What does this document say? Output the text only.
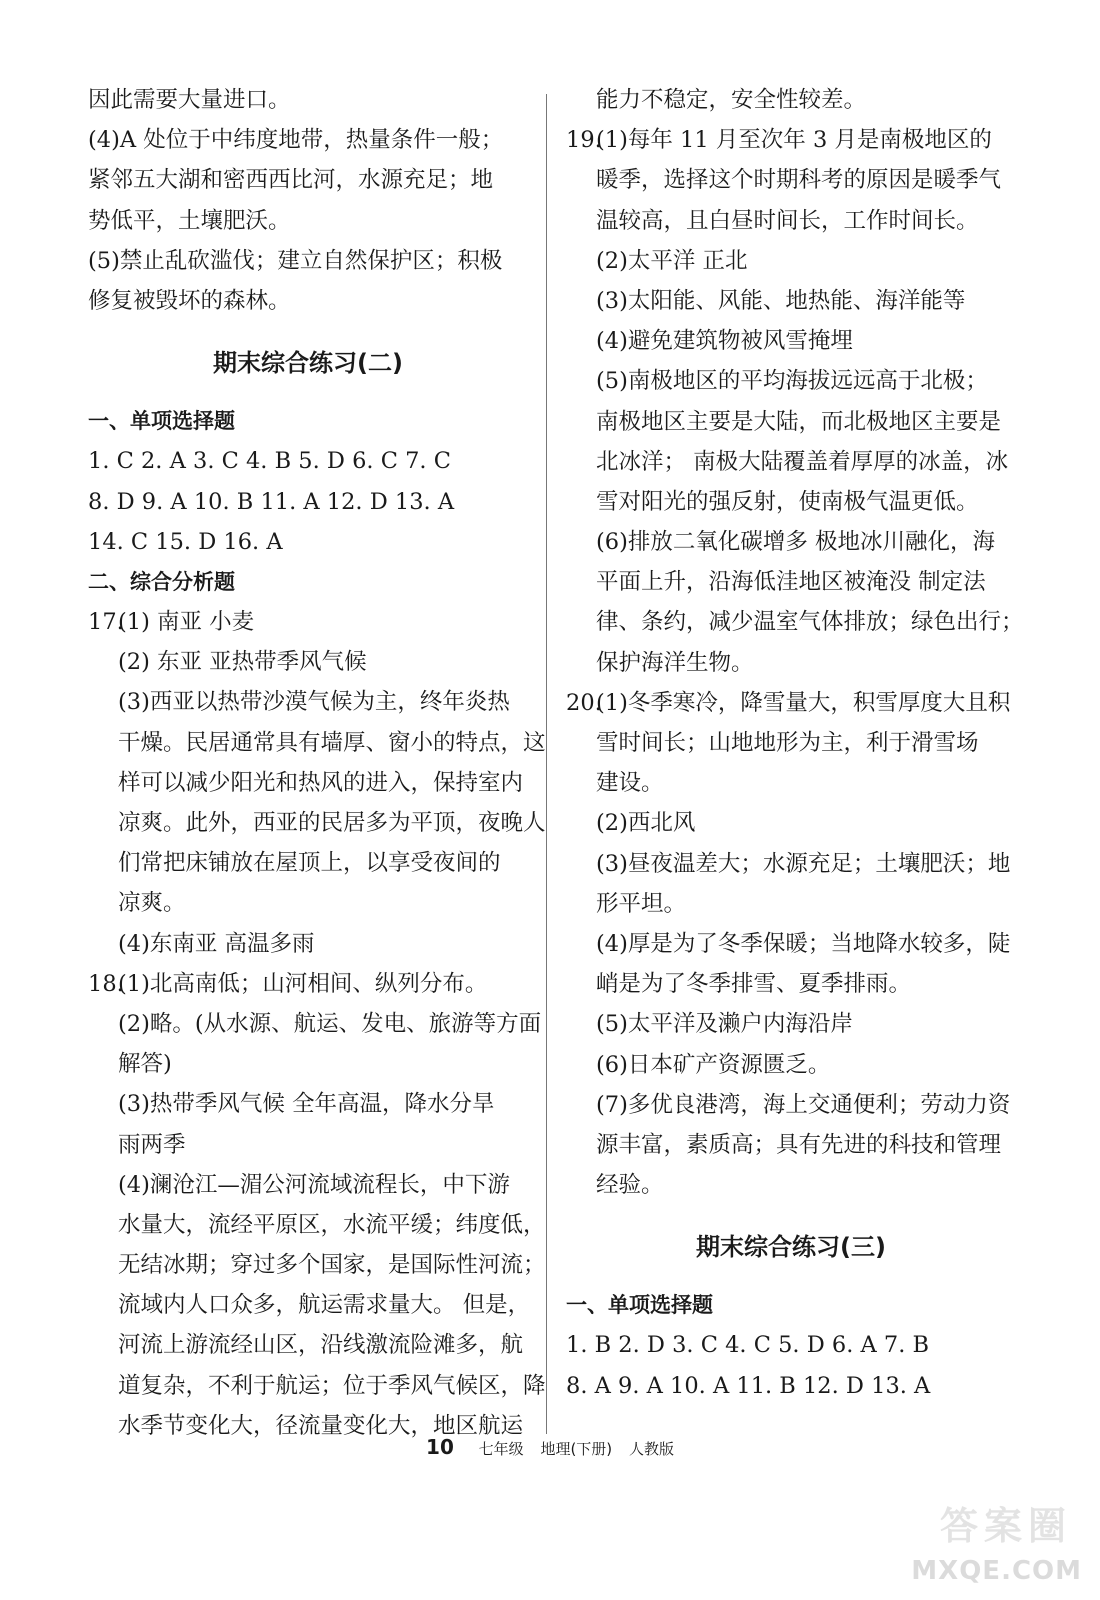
因此需要大量进口。
(4)A 处位于中纬度地带，热量条件一般；
紧邻五大湖和密西西比河，水源充足；地
势低平，土壤肥沃。
(5)禁止乱砍滥伐；建立自然保护区；积极
修复被毁坏的森林。
期末综合练习(二)
一、单项选择题
1. C 2. A 3. C 4. B 5. D 6. C 7. C
8. D 9. A 10. B 11. A 12. D 13. A
14. C 15. D 16. A
二、综合分析题
17.(1) 南亚 小麦
(2) 东亚 亚热带季风气候
(3)西亚以热带沙漠气候为主，终年炎热
干燥。民居通常具有墙厚、窗小的特点，这
样可以减少阳光和热风的进入，保持室内
凉爽。此外，西亚的民居多为平顶，夜晚人
们常把床铺放在屋顶上，以享受夜间的
凉爽。
(4)东南亚 高温多雨
18.(1)北高南低；山河相间、纵列分布。
(2)略。(从水源、航运、发电、旅游等方面
解答)
(3)热带季风气候 全年高温，降水分旱
雨两季
(4)澜沧江—湄公河流域流程长，中下游
水量大，流经平原区，水流平缓；纬度低，
无结冰期；穿过多个国家，是国际性河流；
流域内人口众多，航运需求量大。 但是，
河流上游流经山区，沿线激流险滩多，航
道复杂，不利于航运；位于季风气候区，降
水季节变化大，径流量变化大，地区航运
能力不稳定，安全性较差。
19.(1)每年 11 月至次年 3 月是南极地区的
暖季，选择这个时期科考的原因是暖季气
温较高，且白昼时间长，工作时间长。
(2)太平洋 正北
(3)太阳能、风能、地热能、海洋能等
(4)避免建筑物被风雪掩埋
(5)南极地区的平均海拔远远高于北极；
南极地区主要是大陆，而北极地区主要是
北冰洋； 南极大陆覆盖着厚厚的冰盖，冰
雪对阳光的强反射，使南极气温更低。
(6)排放二氧化碳增多 极地冰川融化，海
平面上升，沿海低洼地区被淹没 制定法
律、条约，减少温室气体排放；绿色出行；
保护海洋生物。
20.(1)冬季寒冷，降雪量大，积雪厚度大且积
雪时间长；山地地形为主，利于滑雪场
建设。
(2)西北风
(3)昼夜温差大；水源充足；土壤肥沃；地
形平坦。
(4)厚是为了冬季保暖；当地降水较多，陡
峭是为了冬季排雪、夏季排雨。
(5)太平洋及濑户内海沿岸
(6)日本矿产资源匮乏。
(7)多优良港湾，海上交通便利；劳动力资
源丰富，素质高；具有先进的科技和管理
经验。
期末综合练习(三)
一、单项选择题
1. B 2. D 3. C 4. C 5. D 6. A 7. B
8. A 9. A 10. A 11. B 12. D 13. A
10 七年级 地理(下册) 人教版
答案圈
MXQE.COM
